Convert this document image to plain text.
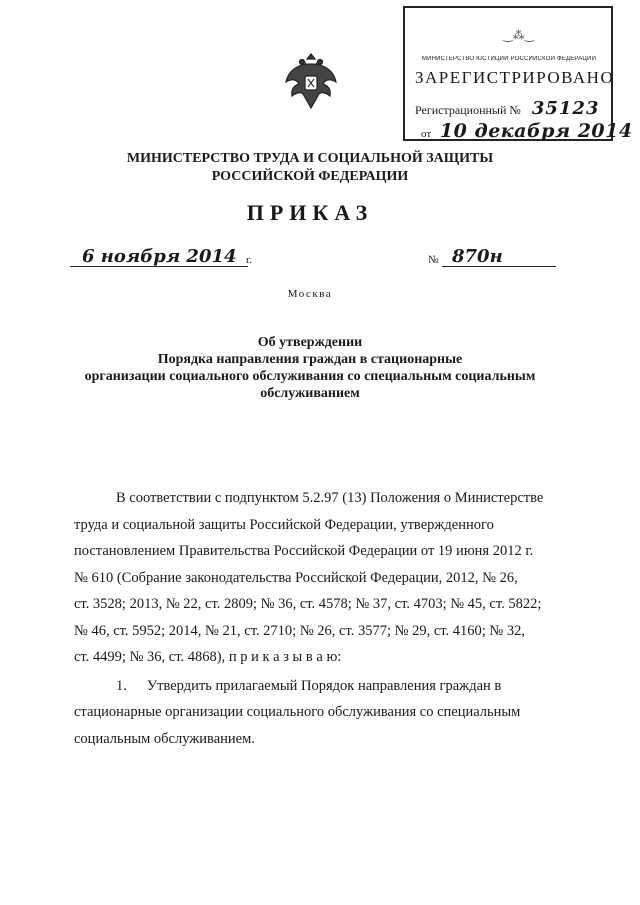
‿⁂‿
МИНИСТЕРСТВО ЮСТИЦИИ РОССИЙСКОЙ ФЕДЕРАЦИИ
ЗАРЕГИСТРИРОВАНО
Регистрационный № 35123
от 10 декабря 2014
МИНИСТЕРСТВО ТРУДА И СОЦИАЛЬНОЙ ЗАЩИТЫ
РОССИЙСКОЙ ФЕДЕРАЦИИ
ПРИКАЗ
6 ноября 2014 г.	№ 870н
Москва
Об утверждении
Порядка направления граждан в стационарные
организации социального обслуживания со специальным социальным
обслуживанием
В соответствии с подпунктом 5.2.97 (13) Положения о Министерстве
труда и социальной защиты Российской Федерации, утвержденного
постановлением Правительства Российской Федерации от 19 июня 2012 г.
№ 610 (Собрание законодательства Российской Федерации, 2012, № 26,
ст. 3528; 2013, № 22, ст. 2809; № 36, ст. 4578; № 37, ст. 4703; № 45, ст. 5822;
№ 46, ст. 5952; 2014, № 21, ст. 2710; № 26, ст. 3577; № 29, ст. 4160; № 32,
ст. 4499; № 36, ст. 4868),
п р и к а з ы в а ю:
1. Утвердить прилагаемый Порядок направления граждан в
стационарные организации социального обслуживания со специальным
социальным обслуживанием.
